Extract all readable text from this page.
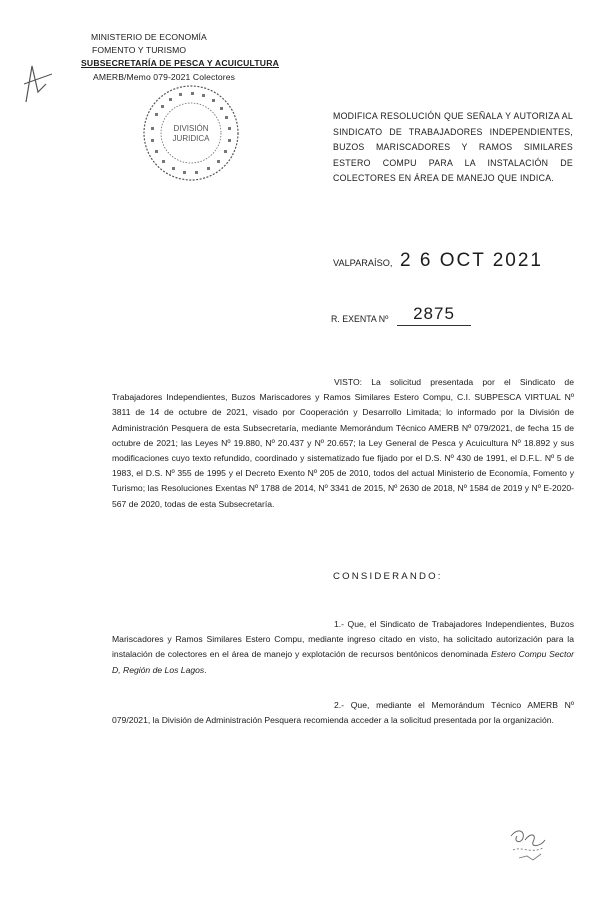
MINISTERIO DE ECONOMÍA
FOMENTO Y TURISMO
SUBSECRETARÍA DE PESCA Y ACUICULTURA
AMERB/Memo 079-2021 Colectores
DIVISIÓN
JURIDICA
MODIFICA RESOLUCIÓN QUE SEÑALA Y AUTORIZA AL SINDICATO DE TRABAJADORES INDEPENDIENTES, BUZOS MARISCADORES Y RAMOS SIMILARES ESTERO COMPU PARA LA INSTALACIÓN DE COLECTORES EN ÁREA DE MANEJO QUE INDICA.
VALPARAÍSO, 2 6 OCT 2021
R. EXENTA Nº	2875
VISTO: La solicitud presentada por el Sindicato de Trabajadores Independientes, Buzos Mariscadores y Ramos Similares Estero Compu, C.I. SUBPESCA VIRTUAL Nº 3811 de 14 de octubre de 2021, visado por Cooperación y Desarrollo Limitada; lo informado por la División de Administración Pesquera de esta Subsecretaría, mediante Memorándum Técnico AMERB Nº 079/2021, de fecha 15 de octubre de 2021; las Leyes Nº 19.880, Nº 20.437 y Nº 20.657; la Ley General de Pesca y Acuicultura Nº 18.892 y sus modificaciones cuyo texto refundido, coordinado y sistematizado fue fijado por el D.S. Nº 430 de 1991, el D.F.L. Nº 5 de 1983, el D.S. Nº 355 de 1995 y el Decreto Exento Nº 205 de 2010, todos del actual Ministerio de Economía, Fomento y Turismo; las Resoluciones Exentas Nº 1788 de 2014, Nº 3341 de 2015, Nº 2630 de 2018, Nº 1584 de 2019 y Nº E-2020-567 de 2020, todas de esta Subsecretaría.
CONSIDERANDO:
1.- Que, el Sindicato de Trabajadores Independientes, Buzos Mariscadores y Ramos Similares Estero Compu, mediante ingreso citado en visto, ha solicitado autorización para la instalación de colectores en el área de manejo y explotación de recursos bentónicos denominada Estero Compu Sector D, Región de Los Lagos.
2.- Que, mediante el Memorándum Técnico AMERB Nº 079/2021, la División de Administración Pesquera recomienda acceder a la solicitud presentada por la organización.
